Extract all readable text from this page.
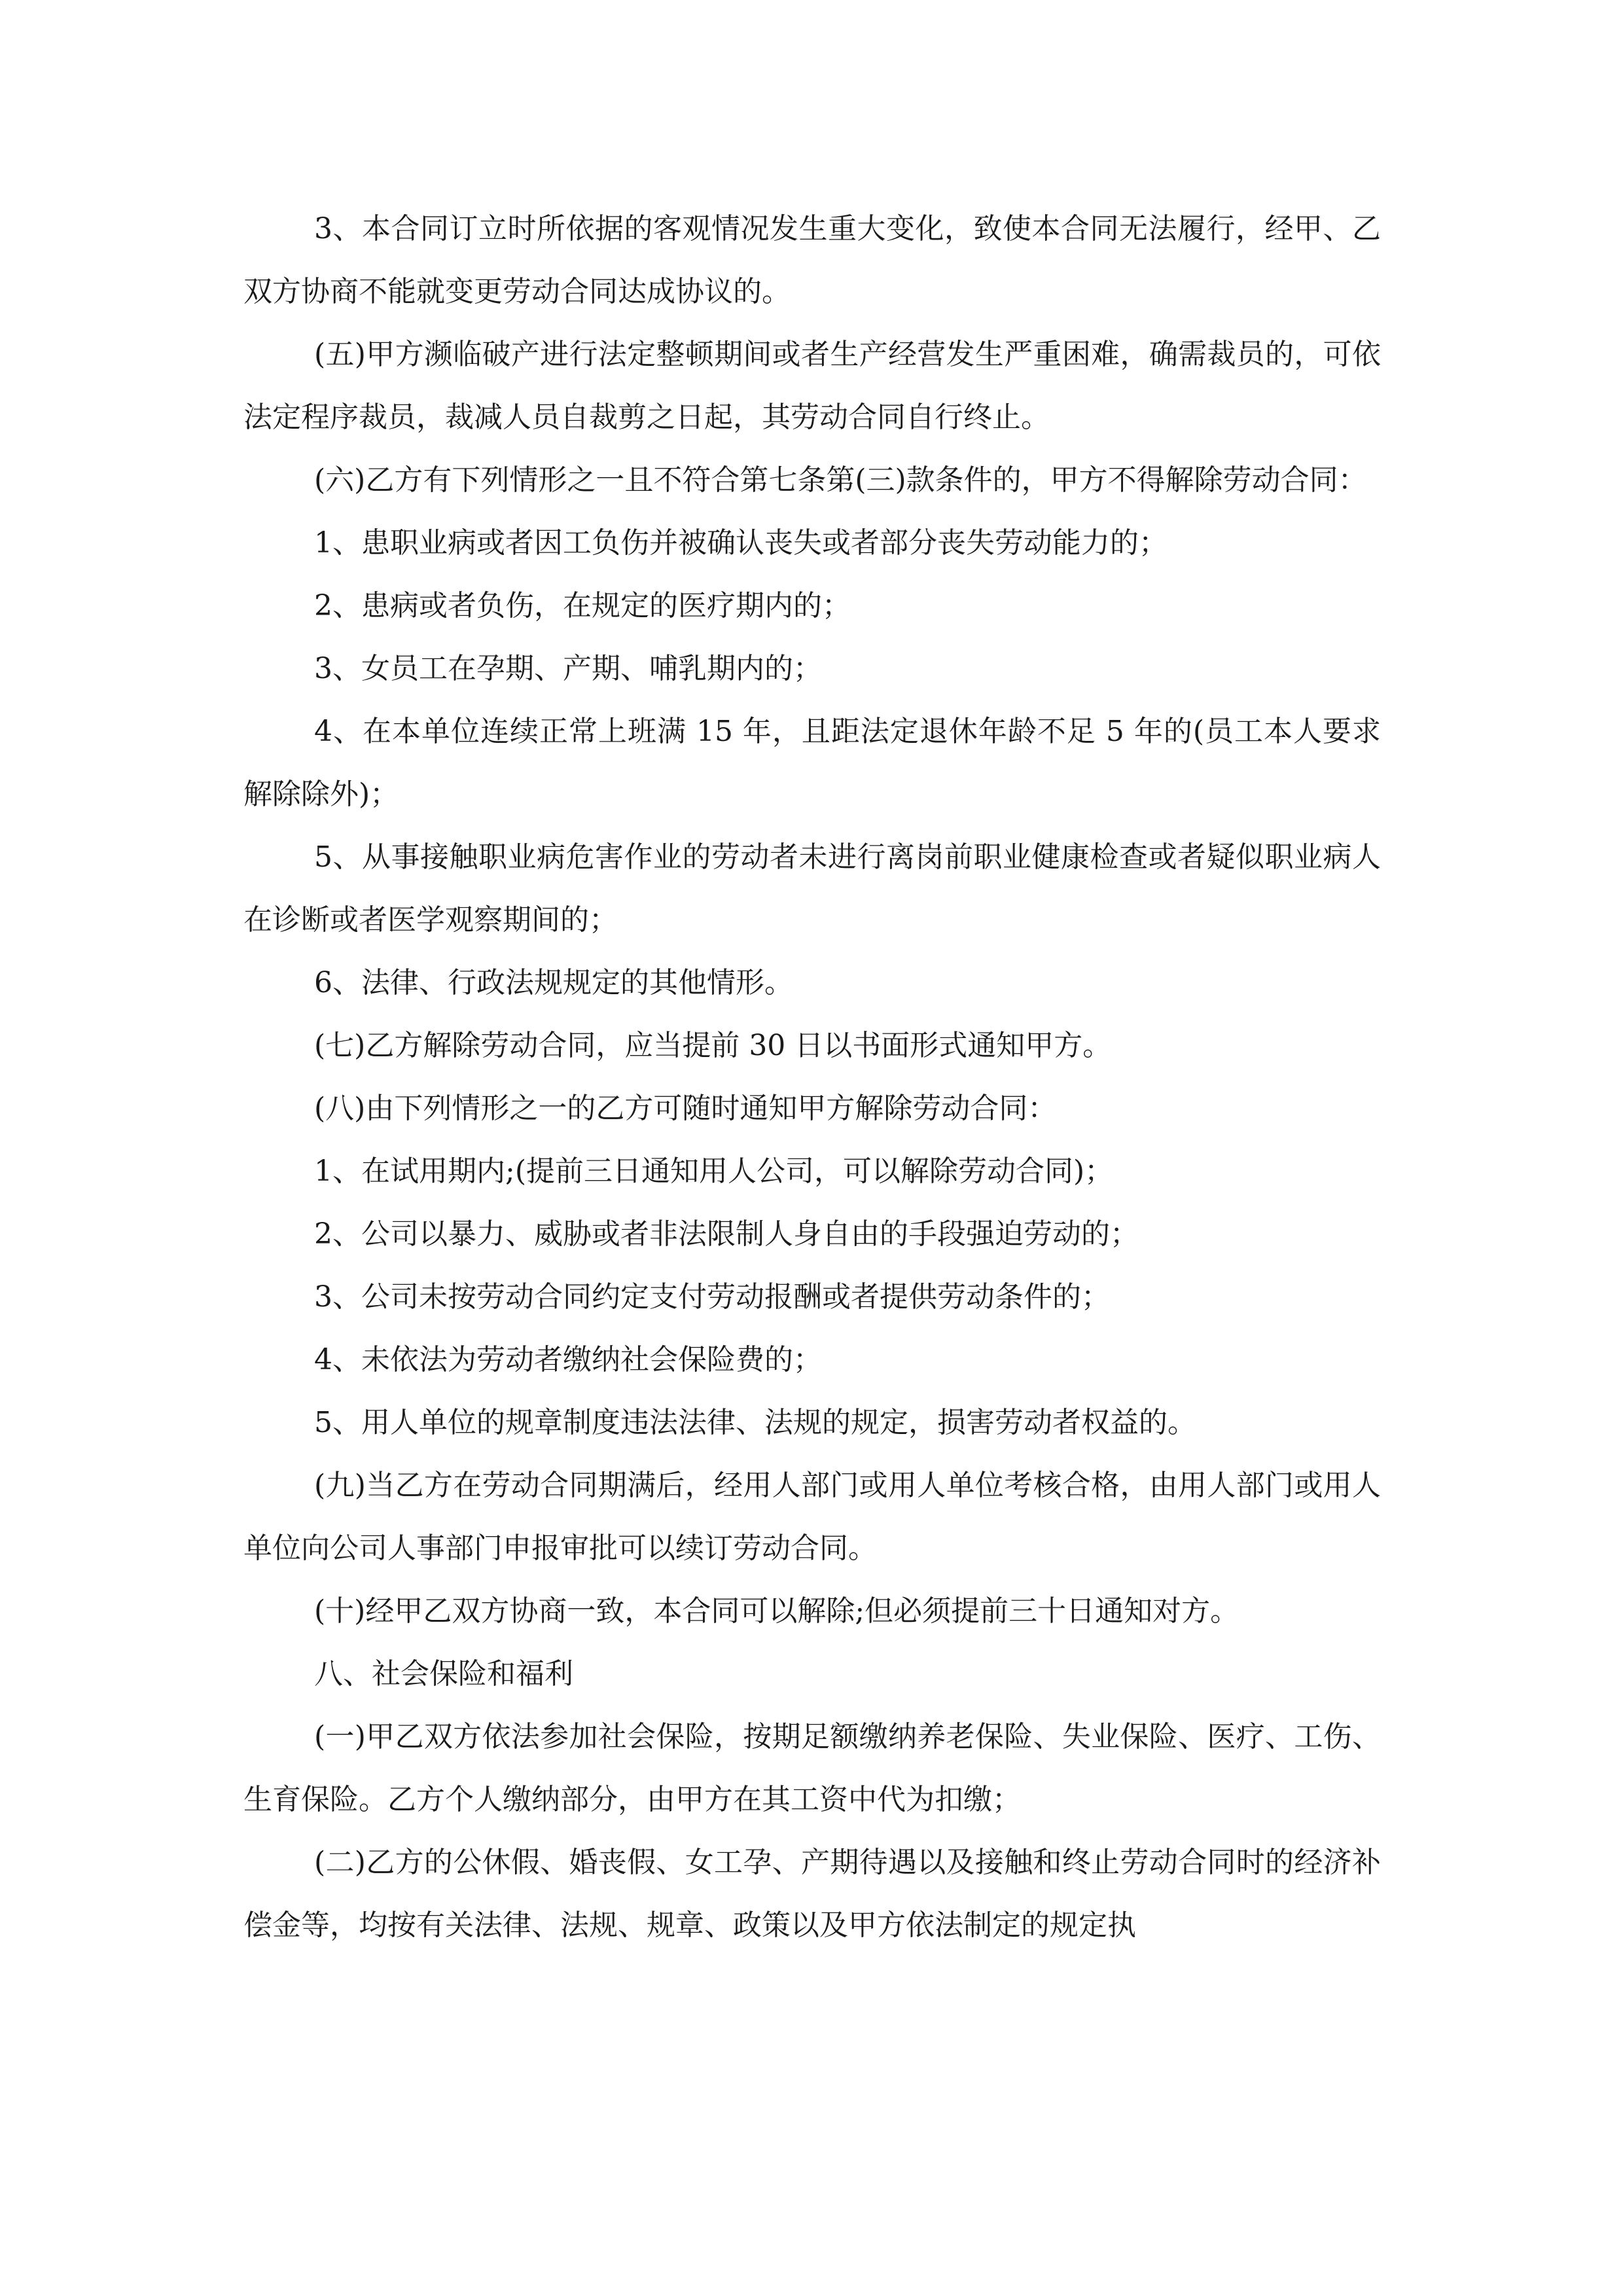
3、本合同订立时所依据的客观情况发生重大变化，致使本合同无法履行，经甲、乙双方协商不能就变更劳动合同达成协议的。

(五)甲方濒临破产进行法定整顿期间或者生产经营发生严重困难，确需裁员的，可依法定程序裁员，裁减人员自裁剪之日起，其劳动合同自行终止。

(六)乙方有下列情形之一且不符合第七条第(三)款条件的，甲方不得解除劳动合同：

1、患职业病或者因工负伤并被确认丧失或者部分丧失劳动能力的；

2、患病或者负伤，在规定的医疗期内的；

3、女员工在孕期、产期、哺乳期内的；

4、在本单位连续正常上班满 15 年，且距法定退休年龄不足 5 年的(员工本人要求解除除外)；

5、从事接触职业病危害作业的劳动者未进行离岗前职业健康检查或者疑似职业病人在诊断或者医学观察期间的；

6、法律、行政法规规定的其他情形。

(七)乙方解除劳动合同，应当提前 30 日以书面形式通知甲方。

(八)由下列情形之一的乙方可随时通知甲方解除劳动合同：

1、在试用期内;(提前三日通知用人公司，可以解除劳动合同)；

2、公司以暴力、威胁或者非法限制人身自由的手段强迫劳动的；

3、公司未按劳动合同约定支付劳动报酬或者提供劳动条件的；

4、未依法为劳动者缴纳社会保险费的；

5、用人单位的规章制度违法法律、法规的规定，损害劳动者权益的。

(九)当乙方在劳动合同期满后，经用人部门或用人单位考核合格，由用人部门或用人单位向公司人事部门申报审批可以续订劳动合同。

(十)经甲乙双方协商一致，本合同可以解除;但必须提前三十日通知对方。

八、社会保险和福利

(一)甲乙双方依法参加社会保险，按期足额缴纳养老保险、失业保险、医疗、工伤、生育保险。乙方个人缴纳部分，由甲方在其工资中代为扣缴；

(二)乙方的公休假、婚丧假、女工孕、产期待遇以及接触和终止劳动合同时的经济补偿金等，均按有关法律、法规、规章、政策以及甲方依法制定的规定执
